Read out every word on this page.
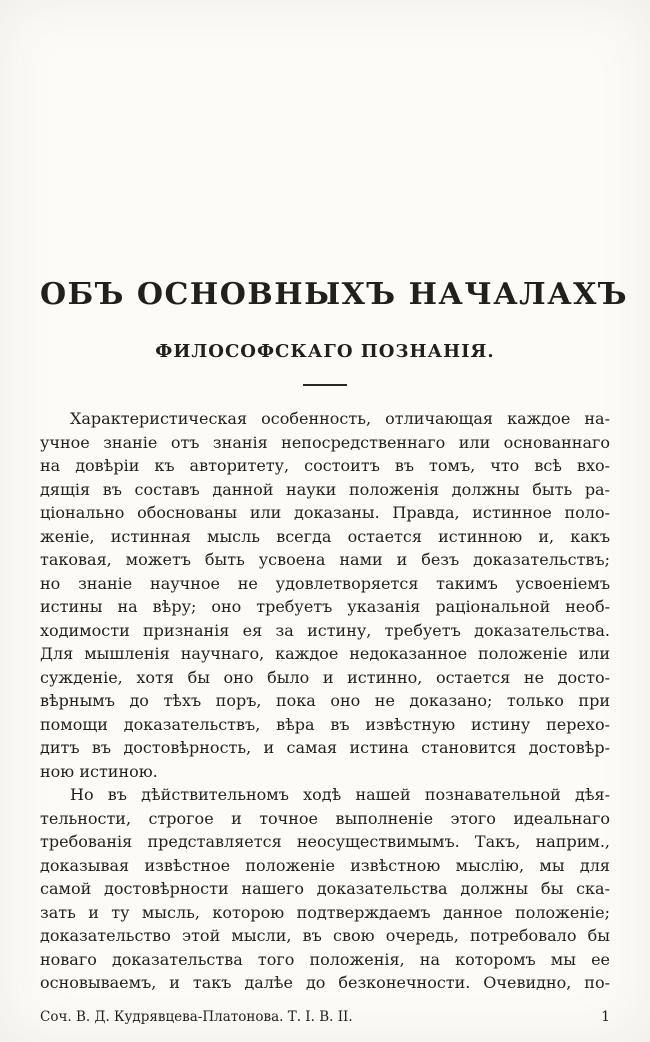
ОБЪ ОСНОВНЫХЪ НАЧАЛАХЪ
ФИЛОСОФСКАГО ПОЗНАНІЯ.
Характеристическая особенность, отличающая каждое на-
учное знаніе отъ знанія непосредственнаго или основаннаго
на довѣріи къ авторитету, состоитъ въ томъ, что всѣ вхо-
дящія въ составъ данной науки положенія должны быть ра-
ціонально обоснованы или доказаны. Правда, истинное поло-
женіе, истинная мысль всегда остается истинною и, какъ
таковая, можетъ быть усвоена нами и безъ доказательствъ;
но знаніе научное не удовлетворяется такимъ усвоеніемъ
истины на вѣру; оно требуетъ указанія раціональной необ-
ходимости признанія ея за истину, требуетъ доказательства.
Для мышленія научнаго, каждое недоказанное положеніе или
сужденіе, хотя бы оно было и истинно, остается не досто-
вѣрнымъ до тѣхъ поръ, пока оно не доказано; только при
помощи доказательствъ, вѣра въ извѣстную истину перехо-
дитъ въ достовѣрность, и самая истина становится достовѣр-
ною истиною.
Но въ дѣйствительномъ ходѣ нашей познавательной дѣя-
тельности, строгое и точное выполненіе этого идеальнаго
требованія представляется неосуществимымъ. Такъ, наприм.,
доказывая извѣстное положеніе извѣстною мыслію, мы для
самой достовѣрности нашего доказательства должны бы ска-
зать и ту мысль, которою подтверждаемъ данное положеніе;
доказательство этой мысли, въ свою очередь, потребовало бы
новаго доказательства того положенія, на которомъ мы ее
основываемъ, и такъ далѣе до безконечности. Очевидно, по-
Соч. В. Д. Кудрявцева-Платонова. Т. І. В. ІІ.	1
